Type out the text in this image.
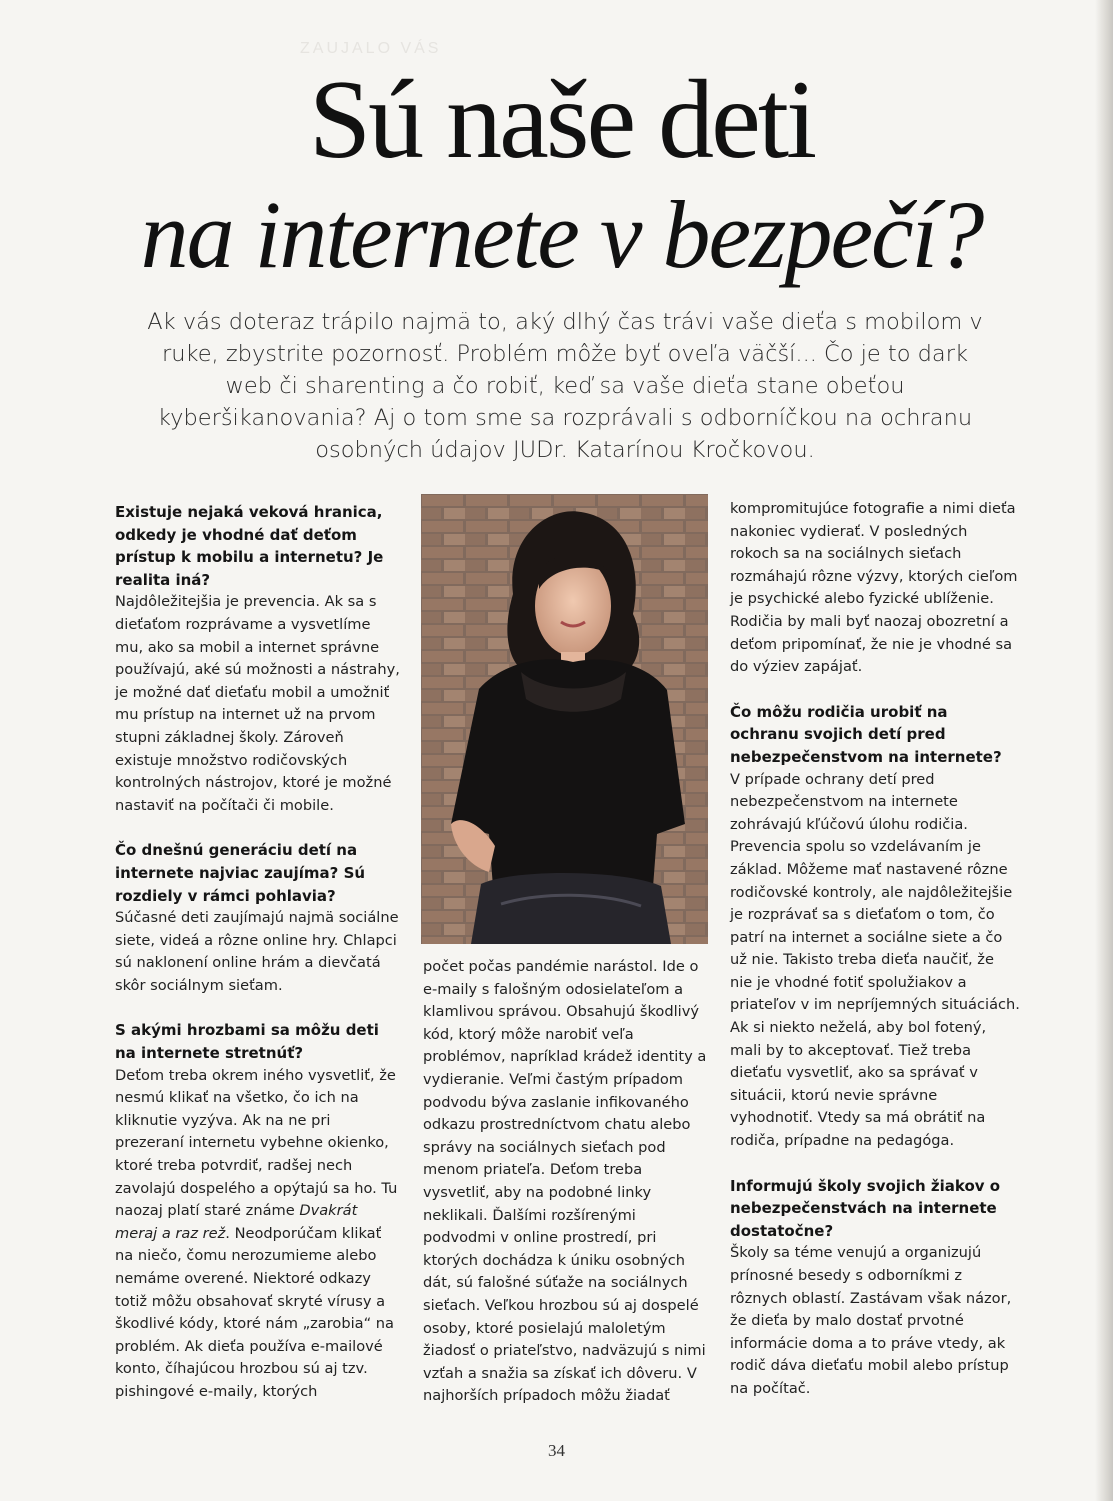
ZAUJALO VÁS
Sú naše deti
na internete v bezpečí?

Ak vás doteraz trápilo najmä to, aký dlhý čas trávi vaše dieťa s mobilom v ruke, zbystrite pozornosť. Problém môže byť oveľa väčší... Čo je to dark web či sharenting a čo robiť, keď sa vaše dieťa stane obeťou kyberšikanovania? Aj o tom sme sa rozprávali s odborníčkou na ochranu osobných údajov JUDr. Katarínou Kročkovou.

Existuje nejaká veková hranica, odkedy je vhodné dať deťom prístup k mobilu a internetu? Je realita iná?

Najdôležitejšia je prevencia. Ak sa s dieťaťom rozprávame a vysvetlíme mu, ako sa mobil a internet správne používajú, aké sú možnosti a nástrahy, je možné dať dieťaťu mobil a umožniť mu prístup na internet už na prvom stupni základnej školy. Zároveň existuje množstvo rodičovských kontrolných nástrojov, ktoré je možné nastaviť na počítači či mobile.

Čo dnešnú generáciu detí na internete najviac zaujíma? Sú rozdiely v rámci pohlavia?

Súčasné deti zaujímajú najmä sociálne siete, videá a rôzne online hry. Chlapci sú naklonení online hrám a dievčatá skôr sociálnym sieťam.

S akými hrozbami sa môžu deti na internete stretnúť?

Deťom treba okrem iného vysvetliť, že nesmú klikať na všetko, čo ich na kliknutie vyzýva. Ak na ne pri prezeraní internetu vybehne okienko, ktoré treba potvrdiť, radšej nech zavolajú dospelého a opýtajú sa ho. Tu naozaj platí staré známe Dvakrát meraj a raz rež. Neodporúčam klikať na niečo, čomu nerozumieme alebo nemáme overené. Niektoré odkazy totiž môžu obsahovať skryté vírusy a škodlivé kódy, ktoré nám „zarobia“ na problém. Ak dieťa používa e-mailové konto, číhajúcou hrozbou sú aj tzv. pishingové e-maily, ktorých

počet počas pandémie narástol. Ide o e-maily s falošným odosielateľom a klamlivou správou. Obsahujú škodlivý kód, ktorý môže narobiť veľa problémov, napríklad krádež identity a vydieranie. Veľmi častým prípadom podvodu býva zaslanie infikovaného odkazu prostredníctvom chatu alebo správy na sociálnych sieťach pod menom priateľa. Deťom treba vysvetliť, aby na podobné linky neklikali. Ďalšími rozšírenými podvodmi v online prostredí, pri ktorých dochádza k úniku osobných dát, sú falošné súťaže na sociálnych sieťach. Veľkou hrozbou sú aj dospelé osoby, ktoré posielajú maloletým žiadosť o priateľstvo, nadväzujú s nimi vzťah a snažia sa získať ich dôveru. V najhorších prípadoch môžu žiadať

kompromitujúce fotografie a nimi dieťa nakoniec vydierať. V posledných rokoch sa na sociálnych sieťach rozmáhajú rôzne výzvy, ktorých cieľom je psychické alebo fyzické ublíženie. Rodičia by mali byť naozaj obozretní a deťom pripomínať, že nie je vhodné sa do výziev zapájať.

Čo môžu rodičia urobiť na ochranu svojich detí pred nebezpečenstvom na internete?

V prípade ochrany detí pred nebezpečenstvom na internete zohrávajú kľúčovú úlohu rodičia. Prevencia spolu so vzdelávaním je základ. Môžeme mať nastavené rôzne rodičovské kontroly, ale najdôležitejšie je rozprávať sa s dieťaťom o tom, čo patrí na internet a sociálne siete a čo už nie. Takisto treba dieťa naučiť, že nie je vhodné fotiť spolužiakov a priateľov v im nepríjemných situáciách. Ak si niekto neželá, aby bol fotený, mali by to akceptovať. Tiež treba dieťaťu vysvetliť, ako sa správať v situácii, ktorú nevie správne vyhodnotiť. Vtedy sa má obrátiť na rodiča, prípadne na pedagóga.

Informujú školy svojich žiakov o nebezpečenstvách na internete dostatočne?

Školy sa téme venujú a organizujú prínosné besedy s odborníkmi z rôznych oblastí. Zastávam však názor, že dieťa by malo dostať prvotné informácie doma a to práve vtedy, ak rodič dáva dieťaťu mobil alebo prístup na počítač.

34
